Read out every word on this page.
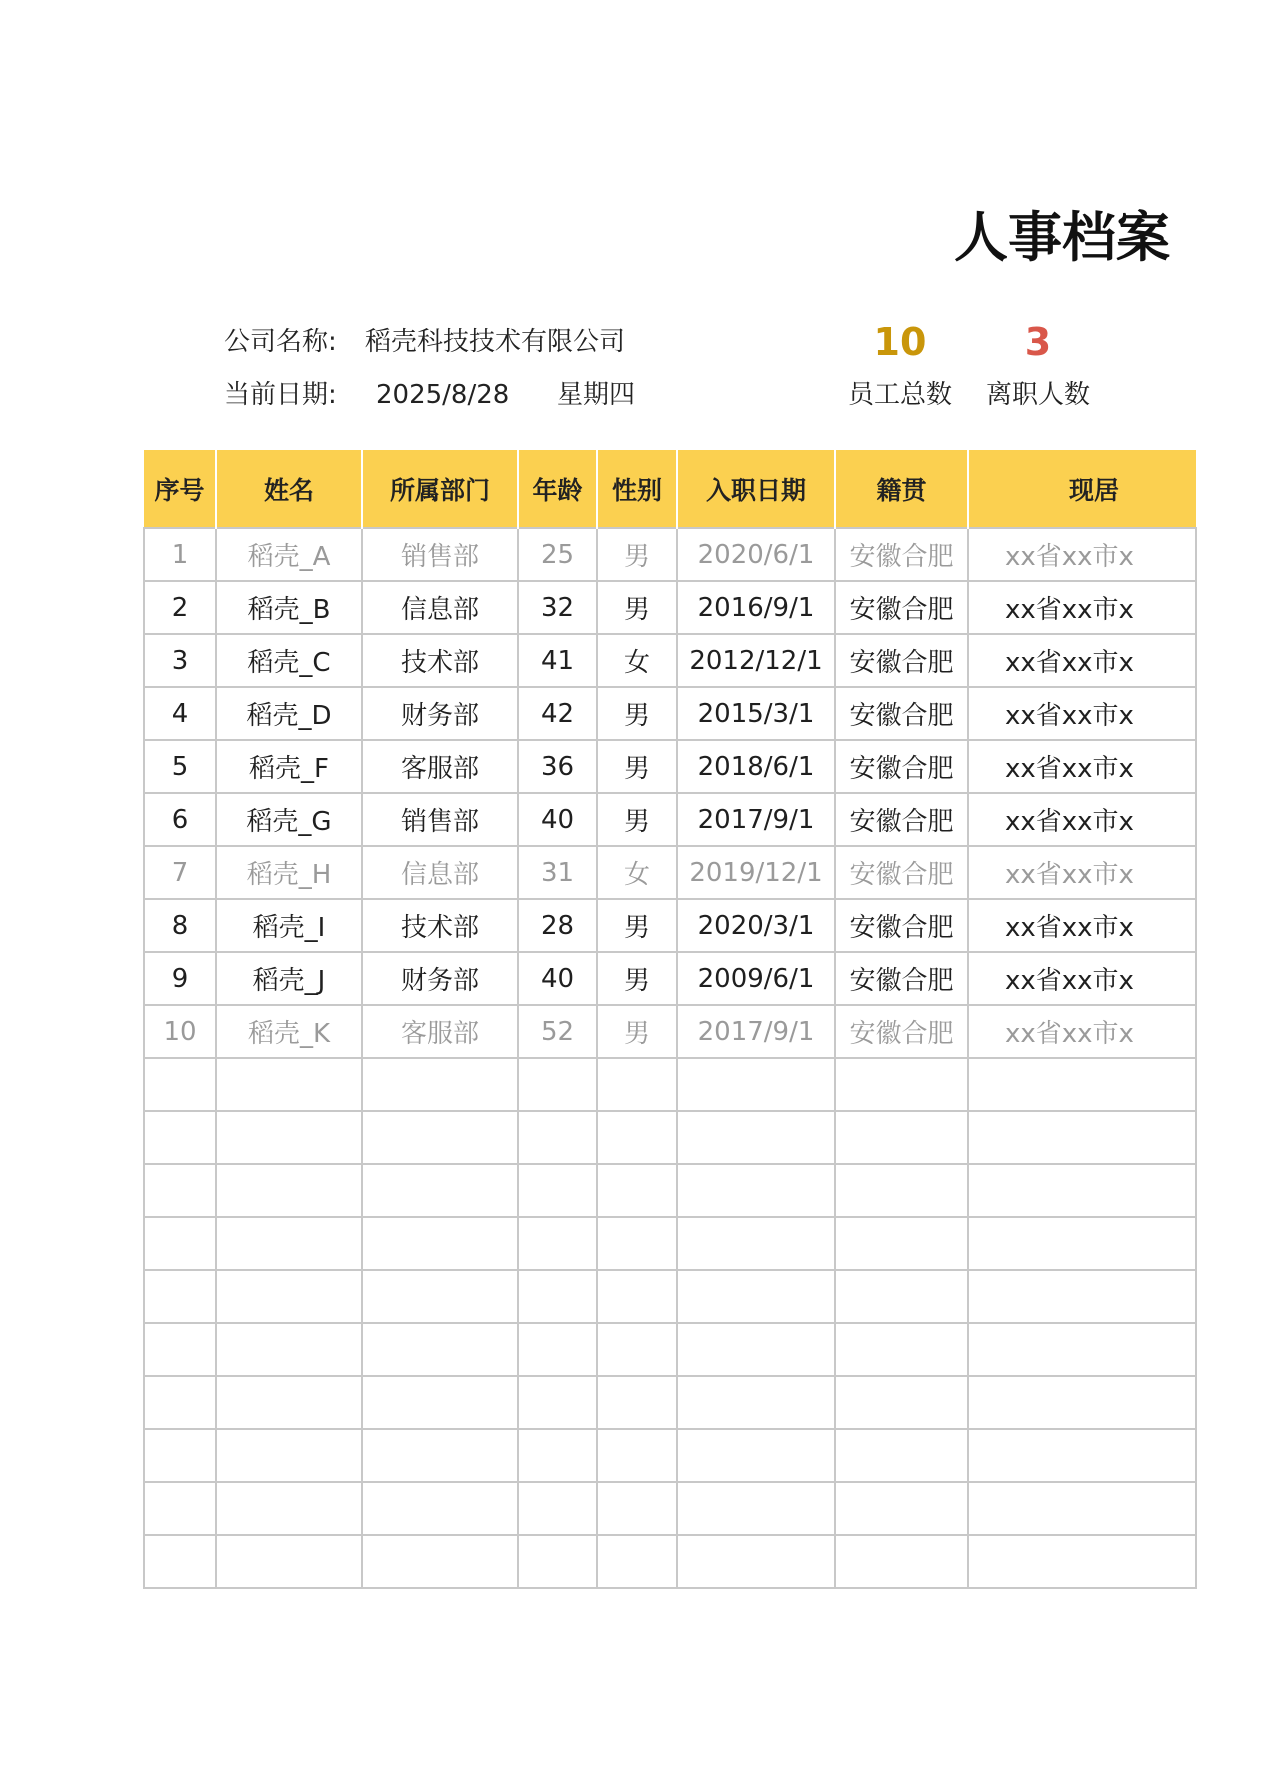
人事档案
公司名称: 稻壳科技技术有限公司
当前日期: 2025/8/28 星期四
10
员工总数
3
离职人数
序号	姓名	所属部门	年龄	性别	入职日期	籍贯	现居
1	稻壳_A	销售部	25	男	2020/6/1	安徽合肥	xx省xx市x
2	稻壳_B	信息部	32	男	2016/9/1	安徽合肥	xx省xx市x
3	稻壳_C	技术部	41	女	2012/12/1	安徽合肥	xx省xx市x
4	稻壳_D	财务部	42	男	2015/3/1	安徽合肥	xx省xx市x
5	稻壳_F	客服部	36	男	2018/6/1	安徽合肥	xx省xx市x
6	稻壳_G	销售部	40	男	2017/9/1	安徽合肥	xx省xx市x
7	稻壳_H	信息部	31	女	2019/12/1	安徽合肥	xx省xx市x
8	稻壳_I	技术部	28	男	2020/3/1	安徽合肥	xx省xx市x
9	稻壳_J	财务部	40	男	2009/6/1	安徽合肥	xx省xx市x
10	稻壳_K	客服部	52	男	2017/9/1	安徽合肥	xx省xx市x
